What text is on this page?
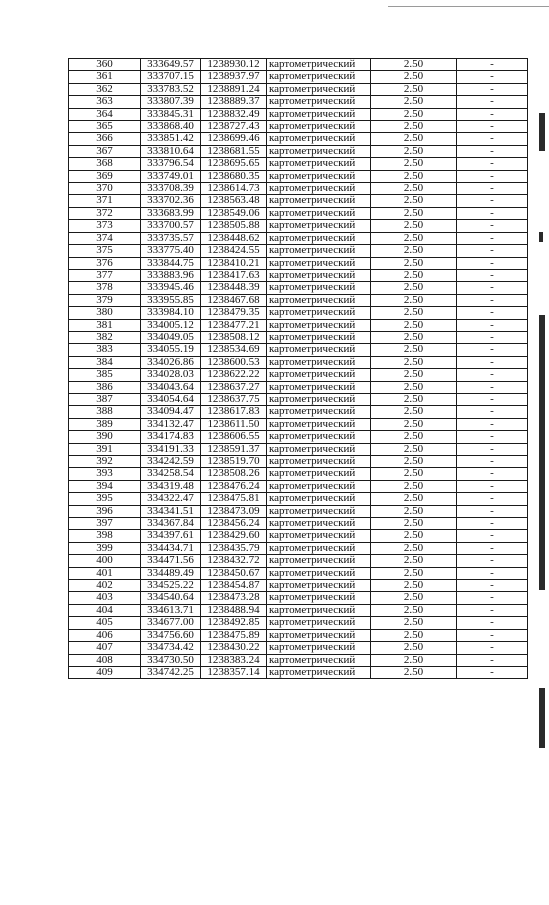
360	333649.57	1238930.12	картометрический	2.50	-
361	333707.15	1238937.97	картометрический	2.50	-
362	333783.52	1238891.24	картометрический	2.50	-
363	333807.39	1238889.37	картометрический	2.50	-
364	333845.31	1238832.49	картометрический	2.50	-
365	333868.40	1238727.43	картометрический	2.50	-
366	333851.42	1238699.46	картометрический	2.50	-
367	333810.64	1238681.55	картометрический	2.50	-
368	333796.54	1238695.65	картометрический	2.50	-
369	333749.01	1238680.35	картометрический	2.50	-
370	333708.39	1238614.73	картометрический	2.50	-
371	333702.36	1238563.48	картометрический	2.50	-
372	333683.99	1238549.06	картометрический	2.50	-
373	333700.57	1238505.88	картометрический	2.50	-
374	333735.57	1238448.62	картометрический	2.50	-
375	333775.40	1238424.55	картометрический	2.50	-
376	333844.75	1238410.21	картометрический	2.50	-
377	333883.96	1238417.63	картометрический	2.50	-
378	333945.46	1238448.39	картометрический	2.50	-
379	333955.85	1238467.68	картометрический	2.50	-
380	333984.10	1238479.35	картометрический	2.50	-
381	334005.12	1238477.21	картометрический	2.50	-
382	334049.05	1238508.12	картометрический	2.50	-
383	334055.19	1238534.69	картометрический	2.50	-
384	334026.86	1238600.53	картометрический	2.50	-
385	334028.03	1238622.22	картометрический	2.50	-
386	334043.64	1238637.27	картометрический	2.50	-
387	334054.64	1238637.75	картометрический	2.50	-
388	334094.47	1238617.83	картометрический	2.50	-
389	334132.47	1238611.50	картометрический	2.50	-
390	334174.83	1238606.55	картометрический	2.50	-
391	334191.33	1238591.37	картометрический	2.50	-
392	334242.59	1238519.70	картометрический	2.50	-
393	334258.54	1238508.26	картометрический	2.50	-
394	334319.48	1238476.24	картометрический	2.50	-
395	334322.47	1238475.81	картометрический	2.50	-
396	334341.51	1238473.09	картометрический	2.50	-
397	334367.84	1238456.24	картометрический	2.50	-
398	334397.61	1238429.60	картометрический	2.50	-
399	334434.71	1238435.79	картометрический	2.50	-
400	334471.56	1238432.72	картометрический	2.50	-
401	334489.49	1238450.67	картометрический	2.50	-
402	334525.22	1238454.87	картометрический	2.50	-
403	334540.64	1238473.28	картометрический	2.50	-
404	334613.71	1238488.94	картометрический	2.50	-
405	334677.00	1238492.85	картометрический	2.50	-
406	334756.60	1238475.89	картометрический	2.50	-
407	334734.42	1238430.22	картометрический	2.50	-
408	334730.50	1238383.24	картометрический	2.50	-
409	334742.25	1238357.14	картометрический	2.50	-
